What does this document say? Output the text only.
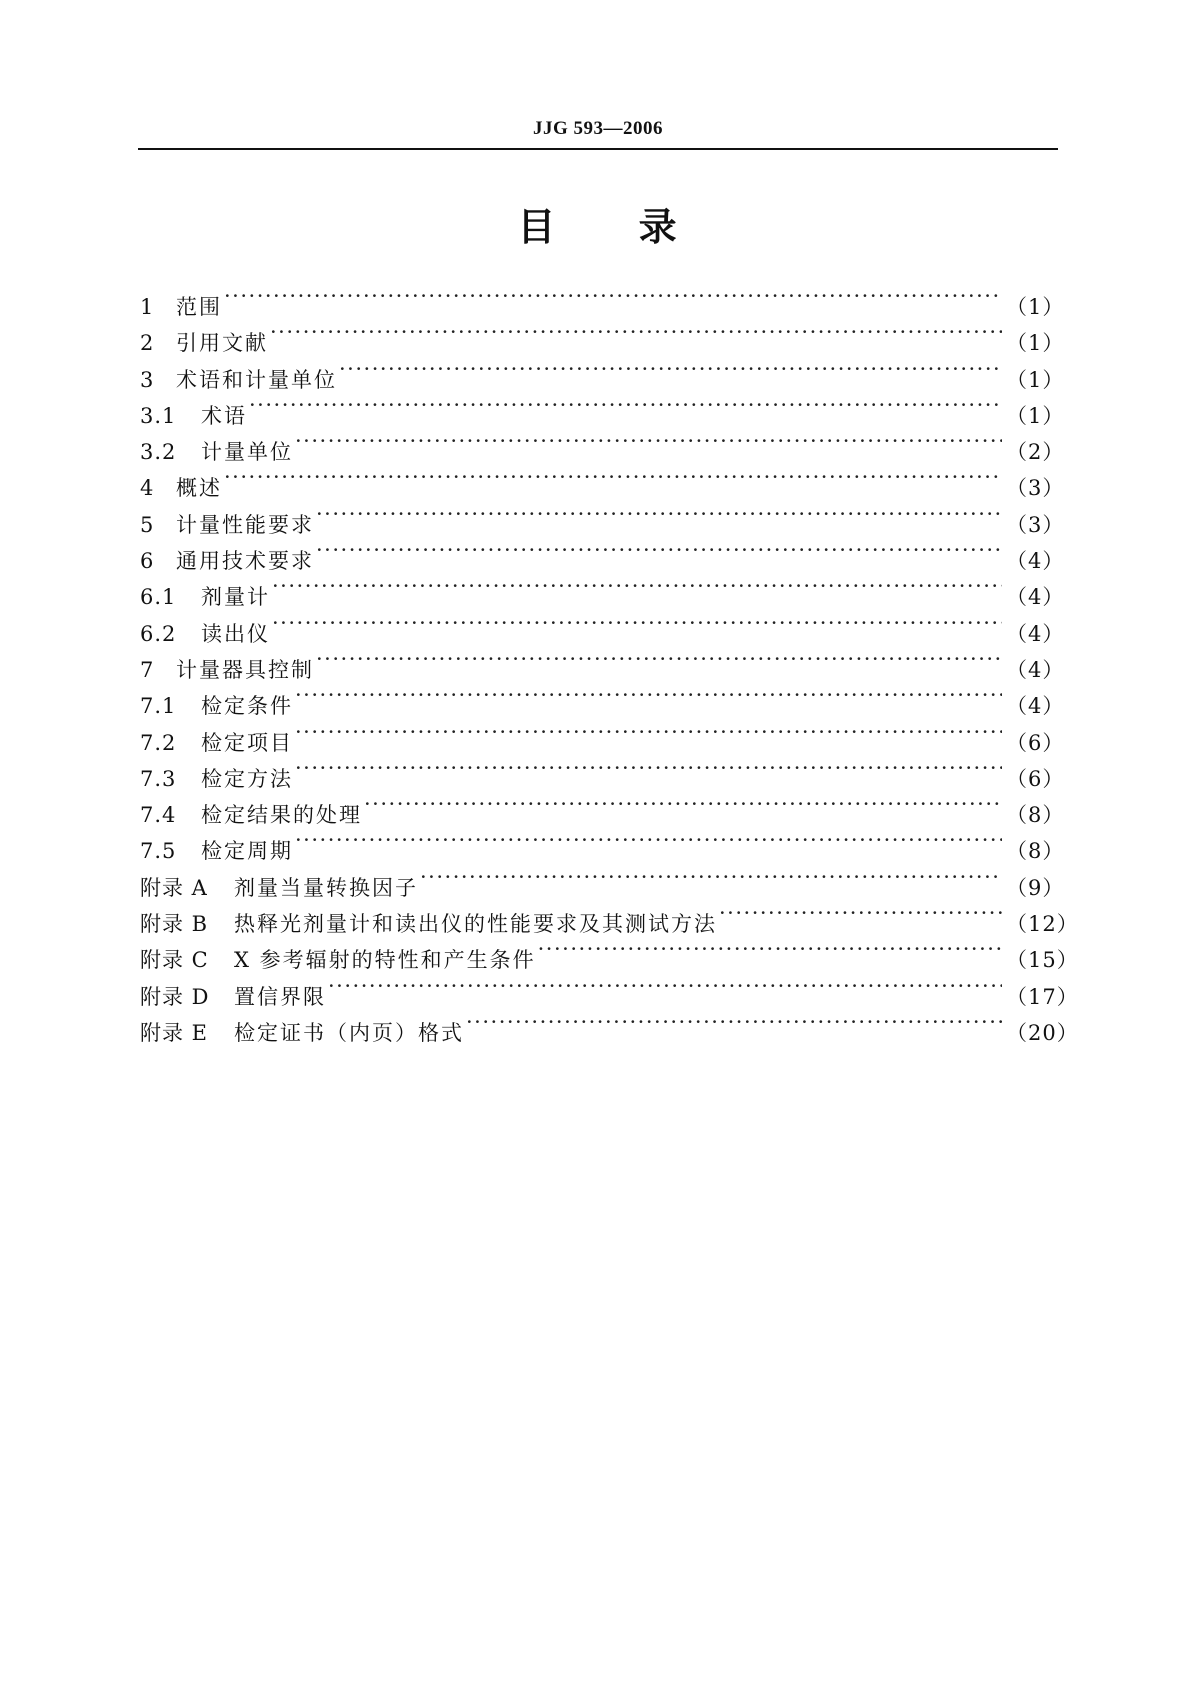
JJG 593—2006
目 录
1	范围 ·····	（1）
2	引用文献 ·····	（1）
3	术语和计量单位 ·····	（1）
3.1	术语 ·····	（1）
3.2	计量单位 ·····	（2）
4	概述 ·····	（3）
5	计量性能要求 ·····	（3）
6	通用技术要求 ·····	（4）
6.1	剂量计 ·····	（4）
6.2	读出仪 ·····	（4）
7	计量器具控制 ·····	（4）
7.1	检定条件 ·····	（4）
7.2	检定项目 ·····	（6）
7.3	检定方法 ·····	（6）
7.4	检定结果的处理 ·····	（8）
7.5	检定周期 ·····	（8）
附录 A	剂量当量转换因子 ·····	（9）
附录 B	热释光剂量计和读出仪的性能要求及其测试方法 ·····	（12）
附录 C	X 参考辐射的特性和产生条件 ·····	（15）
附录 D	置信界限 ·····	（17）
附录 E	检定证书（内页）格式 ·····	（20）
